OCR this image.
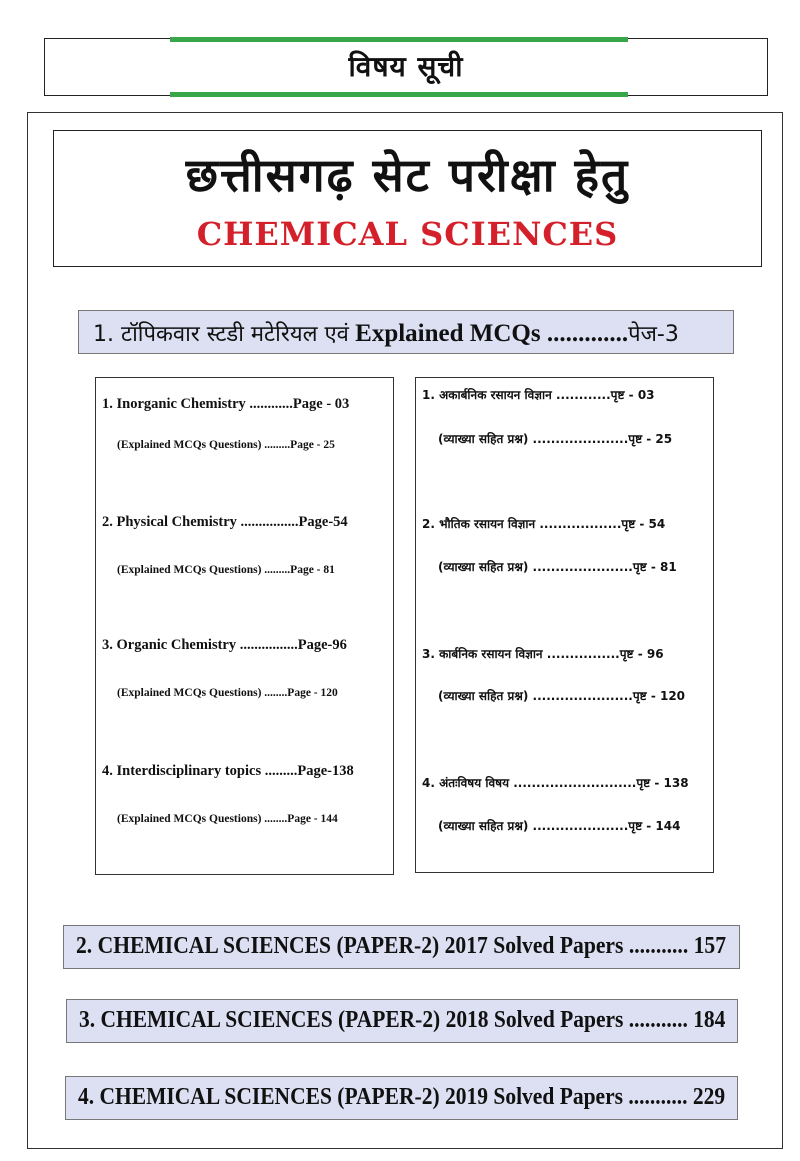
विषय सूची
छत्तीसगढ़ सेट परीक्षा हेतु
CHEMICAL SCIENCES
1. टॉपिकवार स्टडी मटेरियल एवं Explained MCQs .............पेज-3
1. Inorganic Chemistry ............Page - 03
(Explained MCQs Questions) .........Page - 25
2. Physical Chemistry ................Page-54
(Explained MCQs Questions) .........Page - 81
3. Organic Chemistry ................Page-96
(Explained MCQs Questions) ........Page - 120
4. Interdisciplinary topics .........Page-138
(Explained MCQs Questions) ........Page - 144
1. अकार्बनिक रसायन विज्ञान ............पृष्ट - 03
(व्याख्या सहित प्रश्न) .....................पृष्ट - 25
2. भौतिक रसायन विज्ञान ..................पृष्ट - 54
(व्याख्या सहित प्रश्न) ......................पृष्ट - 81
3. कार्बनिक रसायन विज्ञान ................पृष्ट - 96
(व्याख्या सहित प्रश्न) ......................पृष्ट - 120
4. अंतःविषय विषय ...........................पृष्ट - 138
(व्याख्या सहित प्रश्न) .....................पृष्ट - 144
2. CHEMICAL SCIENCES (PAPER-2) 2017 Solved Papers ........... 157
3. CHEMICAL SCIENCES (PAPER-2) 2018 Solved Papers ........... 184
4. CHEMICAL SCIENCES (PAPER-2) 2019 Solved Papers ........... 229
